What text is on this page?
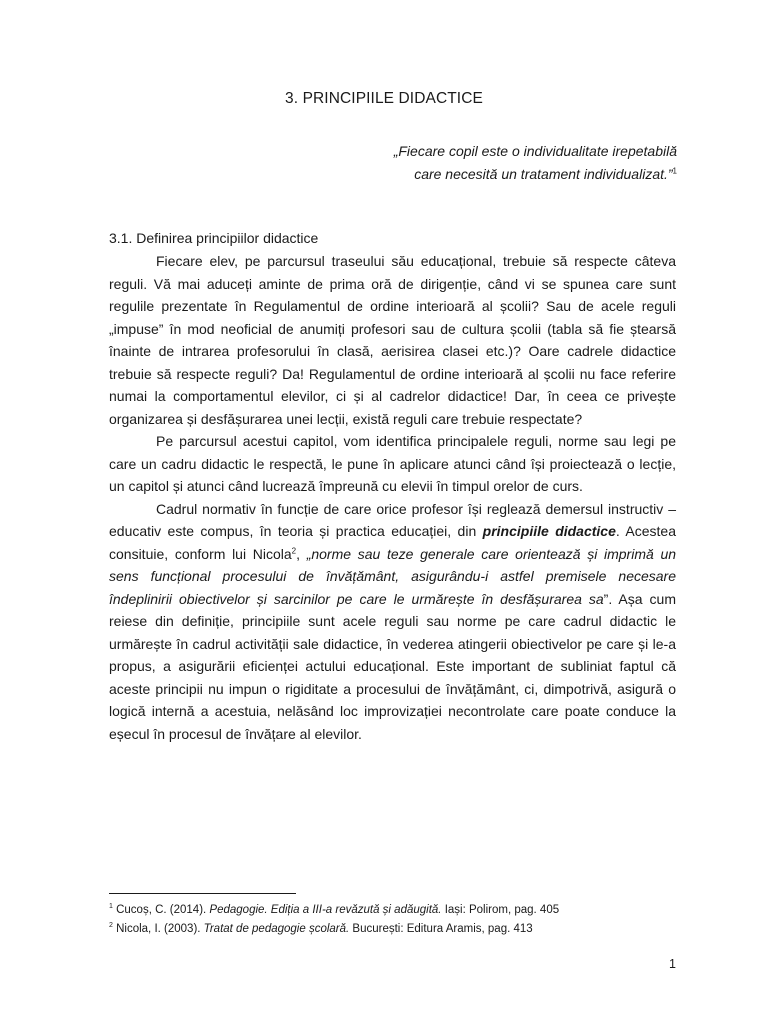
3. PRINCIPIILE DIDACTICE
„Fiecare copil este o individualitate irepetabilă
care necesită un tratament individualizat.”$^1$
3.1. Definirea principiilor didactice

Fiecare elev, pe parcursul traseului său educațional, trebuie să respecte câteva reguli. Vă mai aduceți aminte de prima oră de dirigenție, când vi se spunea care sunt regulile prezentate în Regulamentul de ordine interioară al școlii? Sau de acele reguli „impuse” în mod neoficial de anumiți profesori sau de cultura școlii (tabla să fie ștearsă înainte de intrarea profesorului în clasă, aerisirea clasei etc.)? Oare cadrele didactice trebuie să respecte reguli? Da! Regulamentul de ordine interioară al școlii nu face referire numai la comportamentul elevilor, ci și al cadrelor didactice! Dar, în ceea ce privește organizarea și desfășurarea unei lecții, există reguli care trebuie respectate?

Pe parcursul acestui capitol, vom identifica principalele reguli, norme sau legi pe care un cadru didactic le respectă, le pune în aplicare atunci când își proiectează o lecție, un capitol și atunci când lucrează împreună cu elevii în timpul orelor de curs.

Cadrul normativ în funcție de care orice profesor își reglează demersul instructiv – educativ este compus, în teoria și practica educației, din principiile didactice. Acestea consituie, conform lui Nicola$^2$, „norme sau teze generale care orientează și imprimă un sens funcțional procesului de învățământ, asigurându-i astfel premisele necesare îndeplinirii obiectivelor și sarcinilor pe care le urmărește în desfășurarea sa”. Așa cum reiese din definiție, principiile sunt acele reguli sau norme pe care cadrul didactic le urmărește în cadrul activității sale didactice, în vederea atingerii obiectivelor pe care și le-a propus, a asigurării eficienței actului educațional. Este important de subliniat faptul că aceste principii nu impun o rigiditate a procesului de învățământ, ci, dimpotrivă, asigură o logică internă a acestuia, nelăsând loc improvizației necontrolate care poate conduce la eșecul în procesul de învățare al elevilor.

$^1$ Cucoș, C. (2014). Pedagogie. Ediția a III-a revăzută și adăugită. Iași: Polirom, pag. 405
$^2$ Nicola, I. (2003). Tratat de pedagogie școlară. București: Editura Aramis, pag. 413
1
